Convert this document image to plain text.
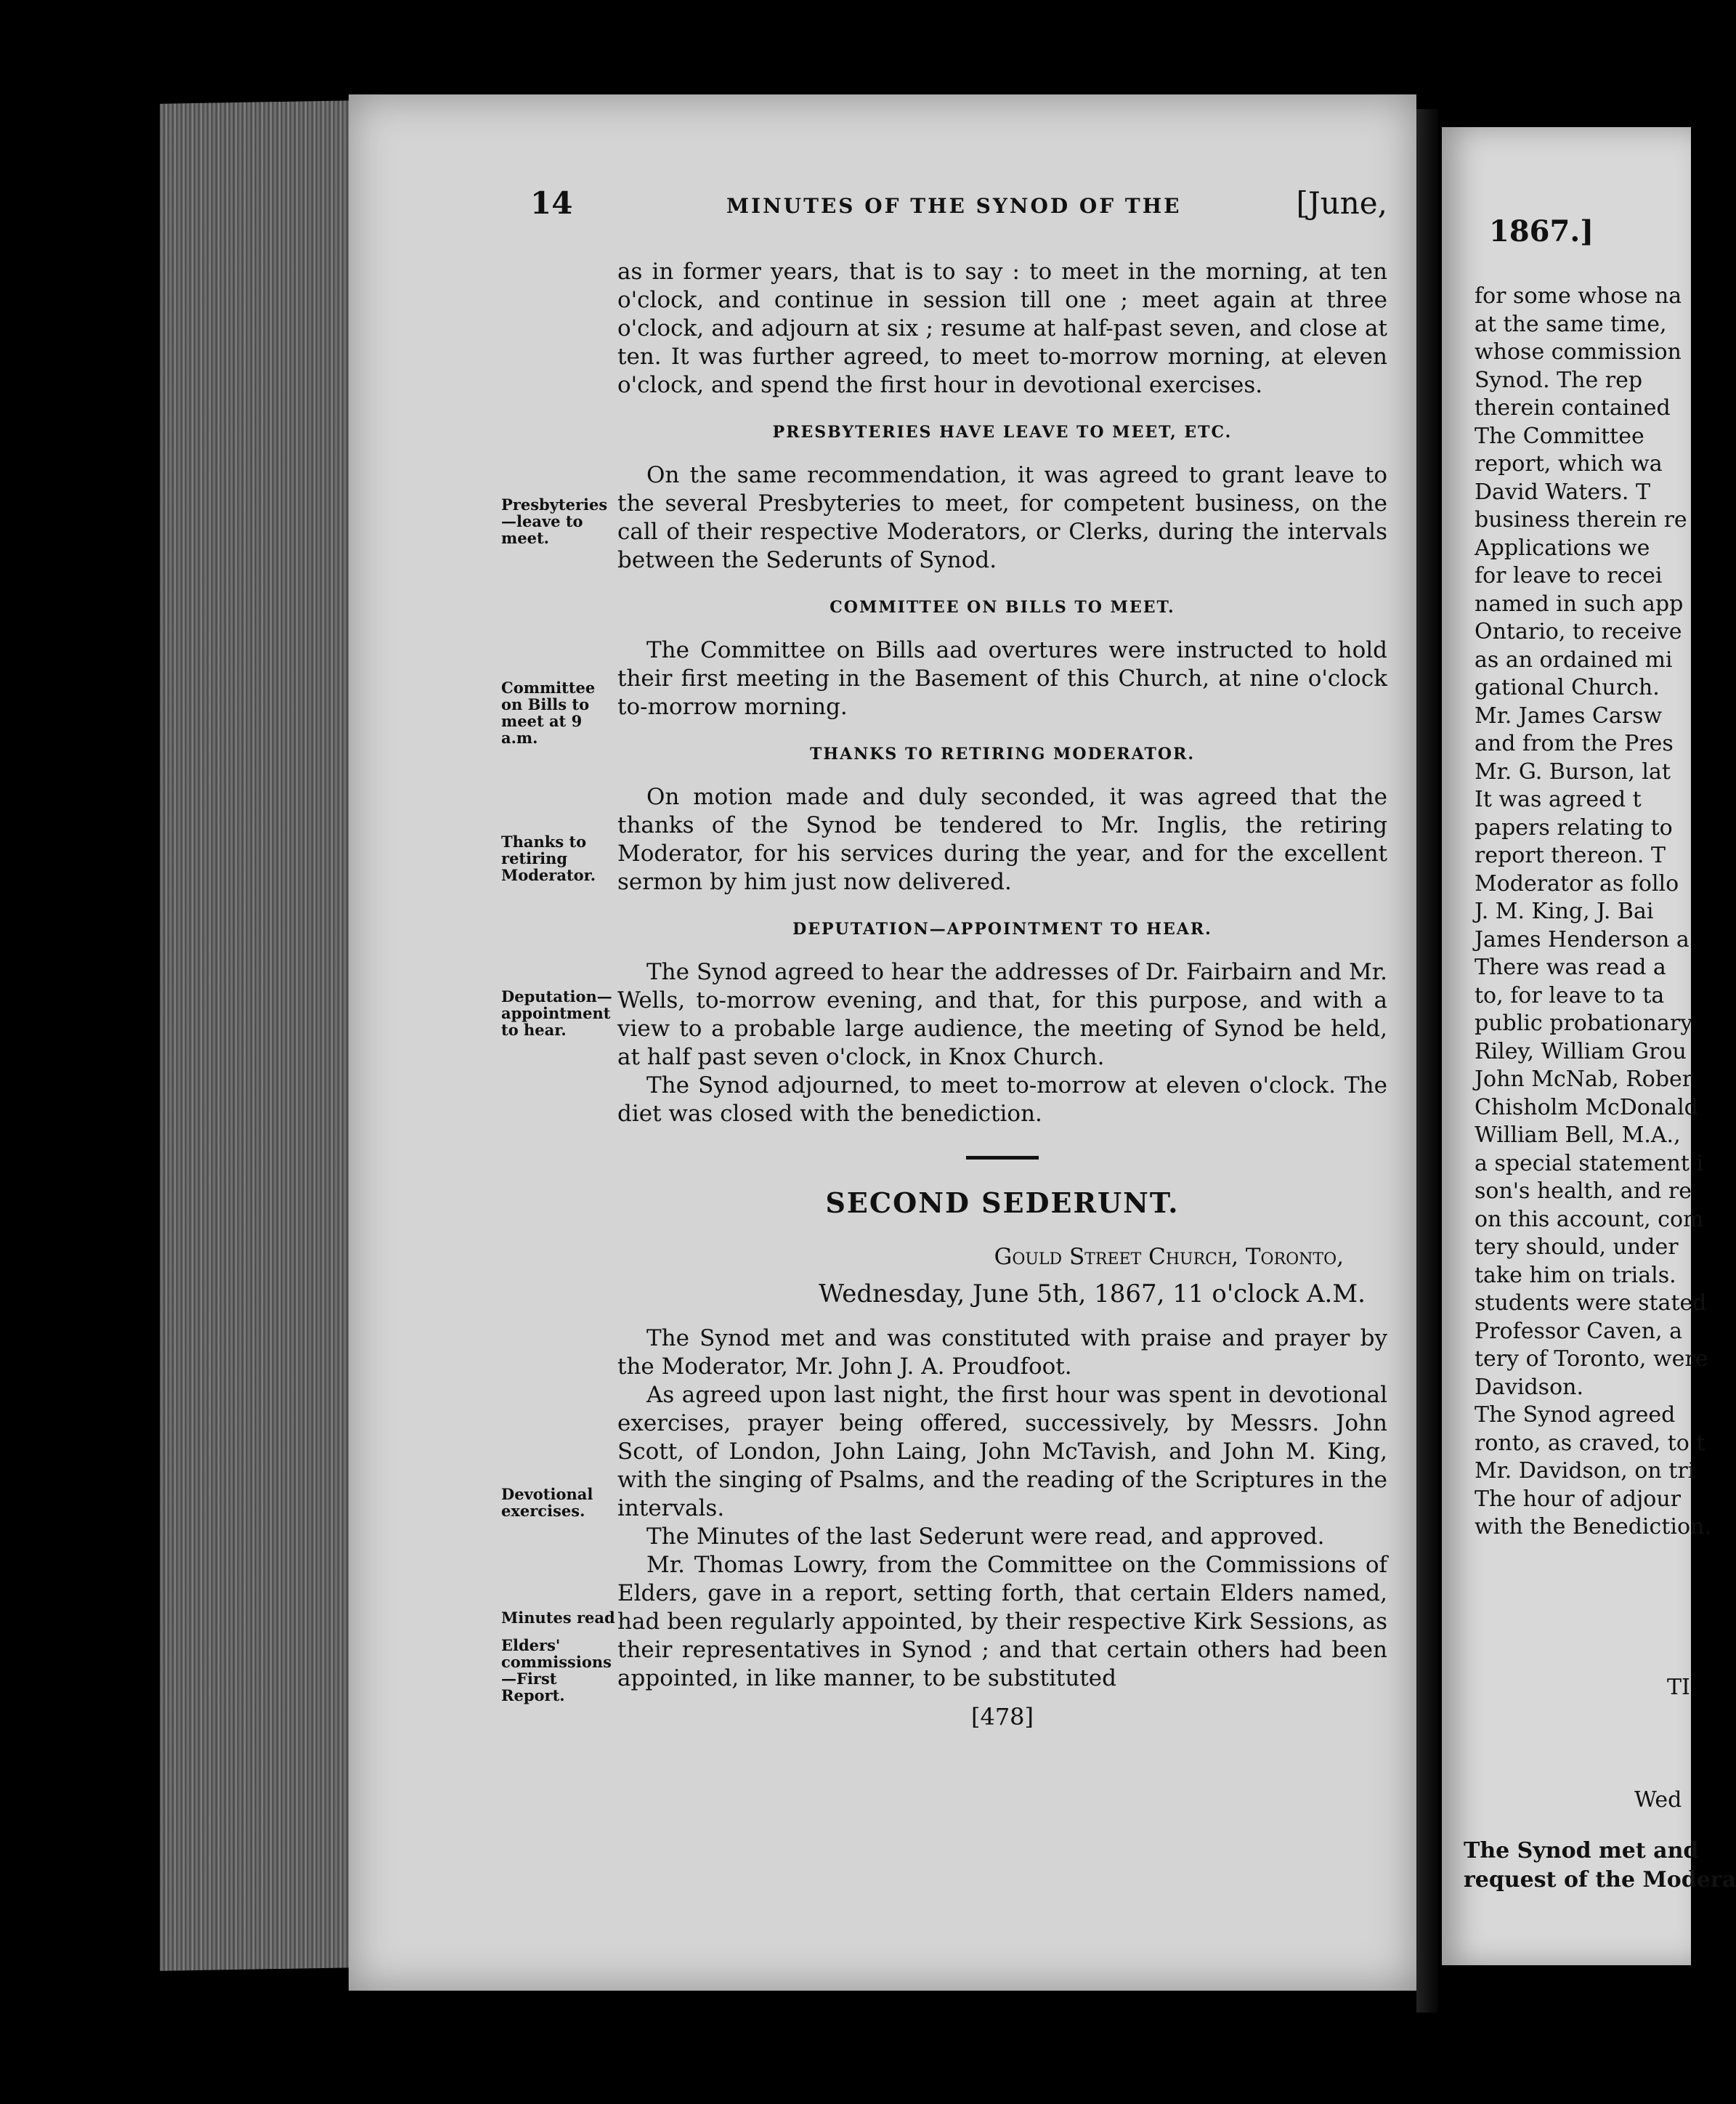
14	MINUTES OF THE SYNOD OF THE	[June,
Presbyteries—leave to meet.
Committee on Bills to meet at 9 a.m.
Thanks to retiring Moderator.
Deputation—appointment to hear.
Devotional exercises.
Minutes read
Elders' commissions—First Report.

as in former years, that is to say : to meet in the morning, at ten o'clock, and continue in session till one ; meet again at three o'clock, and adjourn at six ; resume at half-past seven, and close at ten. It was further agreed, to meet to-morrow morning, at eleven o'clock, and spend the first hour in devotional exercises.

PRESBYTERIES HAVE LEAVE TO MEET, ETC.

On the same recommendation, it was agreed to grant leave to the several Presbyteries to meet, for competent business, on the call of their respective Moderators, or Clerks, during the intervals between the Sederunts of Synod.

COMMITTEE ON BILLS TO MEET.

The Committee on Bills aad overtures were instructed to hold their first meeting in the Basement of this Church, at nine o'clock to-morrow morning.

THANKS TO RETIRING MODERATOR.

On motion made and duly seconded, it was agreed that the thanks of the Synod be tendered to Mr. Inglis, the retiring Moderator, for his services during the year, and for the excellent sermon by him just now delivered.

DEPUTATION—APPOINTMENT TO HEAR.

The Synod agreed to hear the addresses of Dr. Fairbairn and Mr. Wells, to-morrow evening, and that, for this purpose, and with a view to a probable large audience, the meeting of Synod be held, at half past seven o'clock, in Knox Church.

The Synod adjourned, to meet to-morrow at eleven o'clock. The diet was closed with the benediction.

SECOND SEDERUNT.
Gould Street Church, Toronto,
Wednesday, June 5th, 1867, 11 o'clock A.M.

The Synod met and was constituted with praise and prayer by the Moderator, Mr. John J. A. Proudfoot.

As agreed upon last night, the first hour was spent in devotional exercises, prayer being offered, successively, by Messrs. John Scott, of London, John Laing, John McTavish, and John M. King, with the singing of Psalms, and the reading of the Scriptures in the intervals.

The Minutes of the last Sederunt were read, and approved.

Mr. Thomas Lowry, from the Committee on the Commissions of Elders, gave in a report, setting forth, that certain Elders named, had been regularly appointed, by their respective Kirk Sessions, as their representatives in Synod ; and that certain others had been appointed, in like manner, to be substituted

[478]
1867.]
for some whose na
at the same time,
whose commission
Synod. The rep
therein contained
The Committee
report, which wa
David Waters. T
business therein re
Applications we
for leave to recei
named in such app
Ontario, to receive
as an ordained mi
gational Church.
Mr. James Carsw
and from the Pres
Mr. G. Burson, lat
It was agreed t
papers relating to
report thereon. T
Moderator as follo
J. M. King, J. Bai
James Henderson a
There was read a
to, for leave to ta
public probationary
Riley, William Grou
John McNab, Rober
Chisholm McDonald
William Bell, M.A.,
a special statement i
son's health, and re
on this account, com
tery should, under
take him on trials.
students were stated
Professor Caven, a
tery of Toronto, were
Davidson.
The Synod agreed
ronto, as craved, to t
Mr. Davidson, on tri
The hour of adjour
with the Benediction.
TI
Wed
The Synod met and
request of the Modera
